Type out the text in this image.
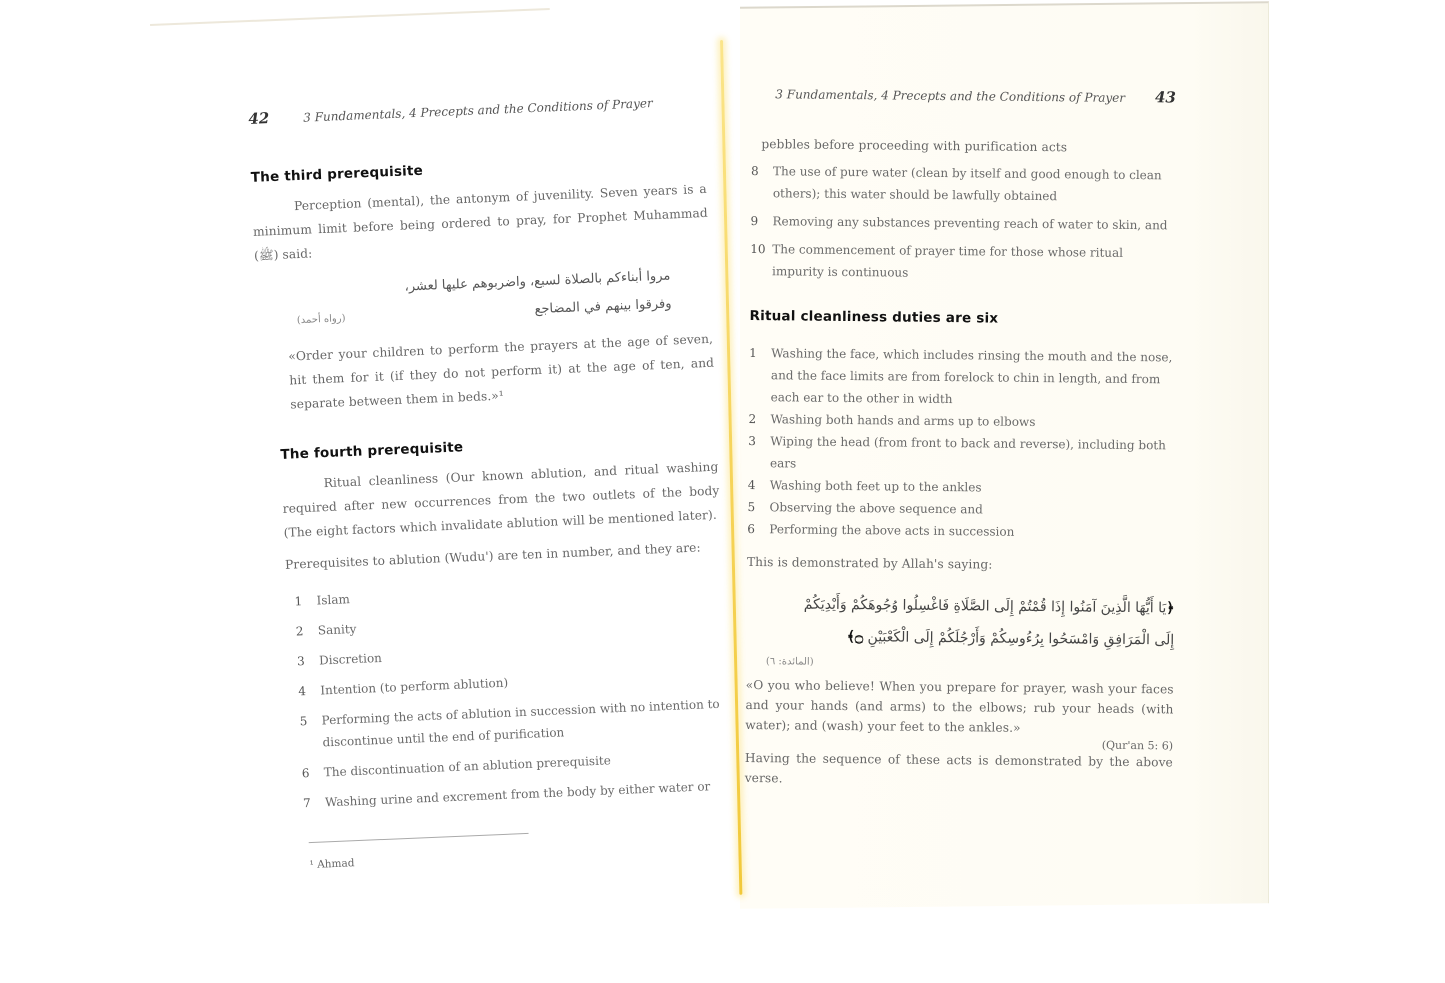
42	3 Fundamentals, 4 Precepts and the Conditions of Prayer
The third prerequisite

Perception (mental), the antonym of juvenility. Seven years is a minimum limit before being ordered to pray, for Prophet Muhammad (ﷺ) said:

مروا أبناءكم بالصلاة لسبع، واضربوهم عليها لعشر،
(رواه أحمد)
وفرقوا بينهم في المضاجع

«Order your children to perform the prayers at the age of seven, hit them for it (if they do not perform it) at the age of ten, and separate between them in beds.»¹

The fourth prerequisite

Ritual cleanliness (Our known ablution, and ritual washing required after new occurrences from the two outlets of the body (The eight factors which invalidate ablution will be mentioned later).

Prerequisites to ablution (Wudu') are ten in number, and they are:

1	Islam
2	Sanity
3	Discretion
4	Intention (to perform ablution)
5	Performing the acts of ablution in succession with no intention to discontinue until the end of purification
6	The discontinuation of an ablution prerequisite
7	Washing urine and excrement from the body by either water or
¹ Ahmad
3 Fundamentals, 4 Precepts and the Conditions of Prayer 43

pebbles before proceeding with purification acts

8	The use of pure water (clean by itself and good enough to clean others); this water should be lawfully obtained
9	Removing any substances preventing reach of water to skin, and
10 The commencement of prayer time for those whose ritual impurity is continuous
Ritual cleanliness duties are six
1	Washing the face, which includes rinsing the mouth and the nose, and the face limits are from forelock to chin in length, and from each ear to the other in width
2	Washing both hands and arms up to elbows
3	Wiping the head (from front to back and reverse), including both ears
4	Washing both feet up to the ankles
5	Observing the above sequence and
6	Performing the above acts in succession

This is demonstrated by Allah's saying:

﴿يَا أَيُّهَا الَّذِينَ آمَنُوا إِذَا قُمْتُمْ إِلَى الصَّلَاةِ فَاغْسِلُوا وُجُوهَكُمْ وَأَيْدِيَكُمْ
إِلَى الْمَرَافِقِ وَامْسَحُوا بِرُءُوسِكُمْ وَأَرْجُلَكُمْ إِلَى الْكَعْبَيْنِ ۝﴾
(المائدة: ٦)

«O you who believe! When you prepare for prayer, wash your faces and your hands (and arms) to the elbows; rub your heads (with water); and (wash) your feet to the ankles.»

(Qur'an 5: 6)

Having the sequence of these acts is demonstrated by the above verse.
